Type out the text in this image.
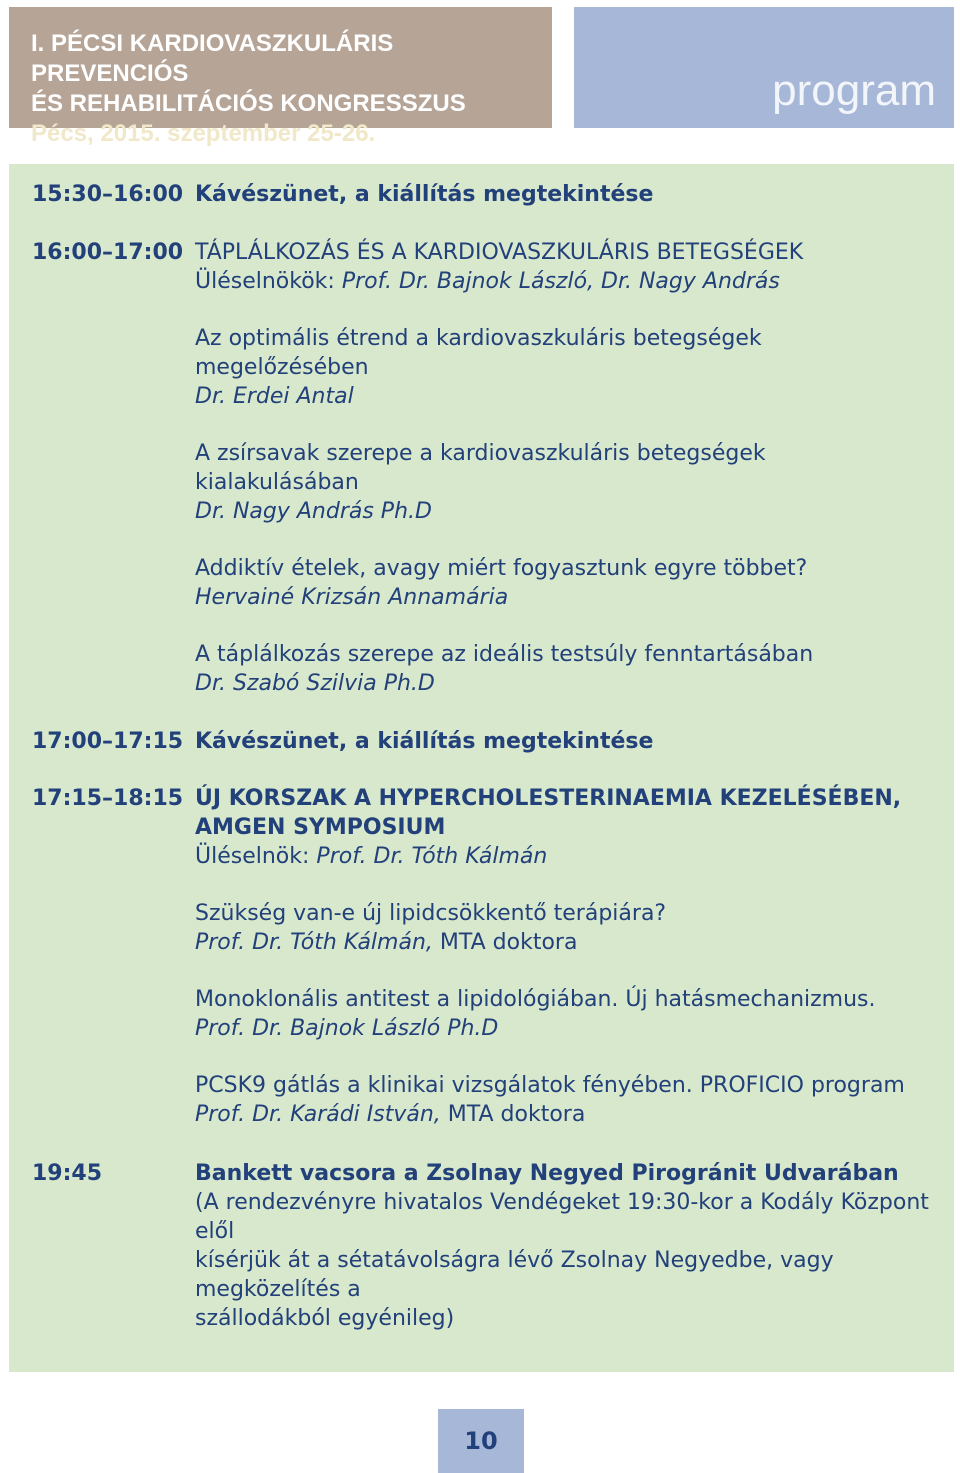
I. PÉCSI KARDIOVASZKULÁRIS PREVENCIÓS
ÉS REHABILITÁCIÓS KONGRESSZUS
Pécs, 2015. szeptember 25-26.
program
15:30–16:00 Kávészünet, a kiállítás megtekintése
16:00–17:00 TÁPLÁLKOZÁS ÉS A KARDIOVASZKULÁRIS BETEGSÉGEK
Üléselnökök: Prof. Dr. Bajnok László, Dr. Nagy András
Az optimális étrend a kardiovaszkuláris betegségek
megelőzésében
Dr. Erdei Antal
A zsírsavak szerepe a kardiovaszkuláris betegségek
kialakulásában
Dr. Nagy András Ph.D
Addiktív ételek, avagy miért fogyasztunk egyre többet?
Hervainé Krizsán Annamária
A táplálkozás szerepe az ideális testsúly fenntartásában
Dr. Szabó Szilvia Ph.D
17:00–17:15 Kávészünet, a kiállítás megtekintése
17:15–18:15 ÚJ KORSZAK A HYPERCHOLESTERINAEMIA KEZELÉSÉBEN,
AMGEN SYMPOSIUM
Üléselnök: Prof. Dr. Tóth Kálmán
Szükség van-e új lipidcsökkentő terápiára?
Prof. Dr. Tóth Kálmán, MTA doktora
Monoklonális antitest a lipidológiában. Új hatásmechanizmus.
Prof. Dr. Bajnok László Ph.D
PCSK9 gátlás a klinikai vizsgálatok fényében. PROFICIO program
Prof. Dr. Karádi István, MTA doktora
19:45	Bankett vacsora a Zsolnay Negyed Pirogránit Udvarában
(A rendezvényre hivatalos Vendégeket 19:30-kor a Kodály Központ elől
kísérjük át a sétatávolságra lévő Zsolnay Negyedbe, vagy megközelítés a
szállodákból egyénileg)
10
